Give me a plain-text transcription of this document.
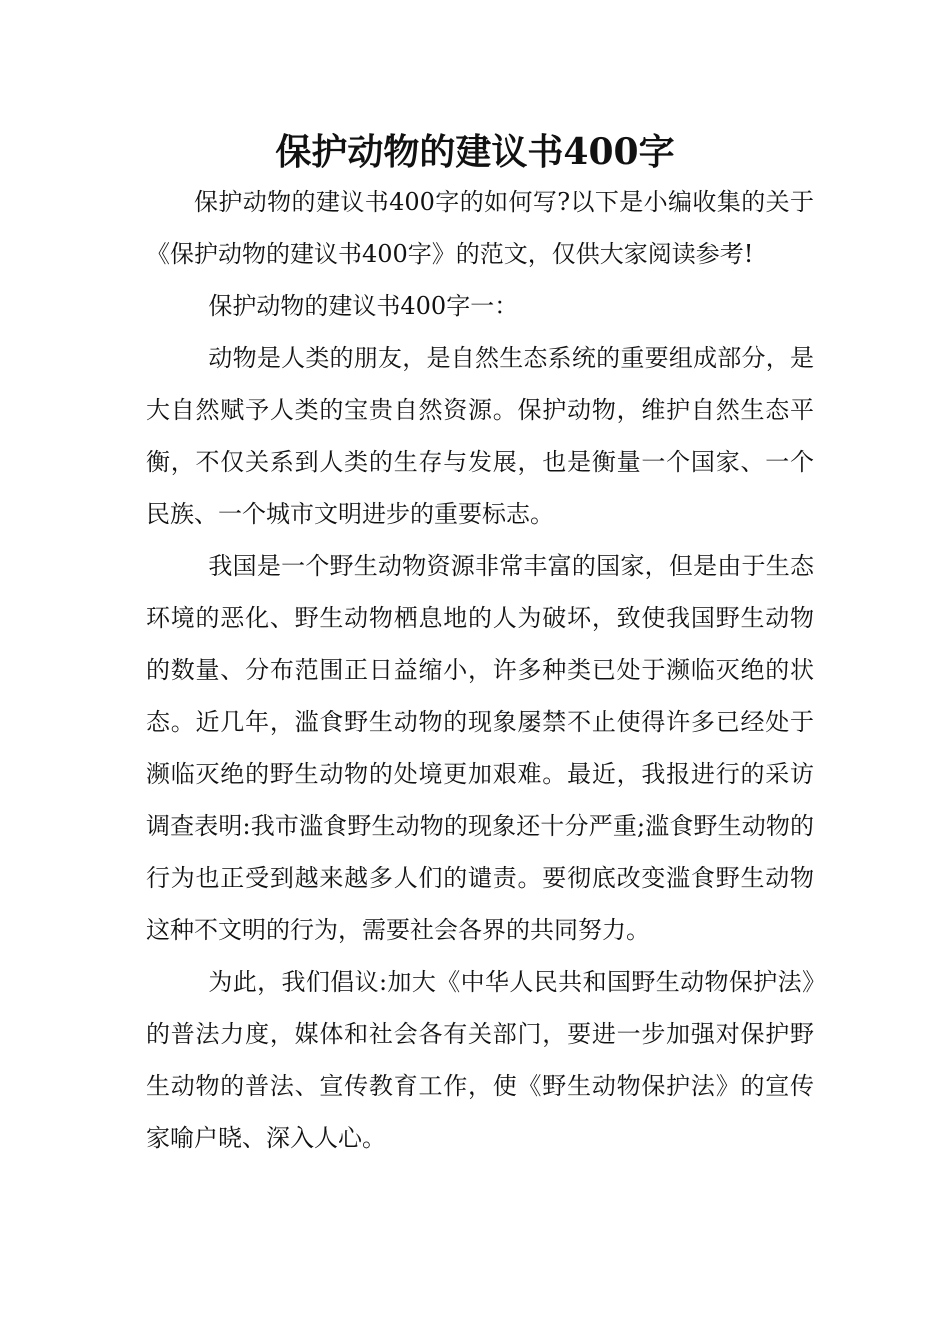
保护动物的建议书400字

保护动物的建议书400字的如何写?以下是小编收集的关于《保护动物的建议书400字》的范文，仅供大家阅读参考!

保护动物的建议书400字一：

动物是人类的朋友，是自然生态系统的重要组成部分，是大自然赋予人类的宝贵自然资源。保护动物，维护自然生态平衡，不仅关系到人类的生存与发展，也是衡量一个国家、一个民族、一个城市文明进步的重要标志。

我国是一个野生动物资源非常丰富的国家，但是由于生态环境的恶化、野生动物栖息地的人为破坏，致使我国野生动物的数量、分布范围正日益缩小，许多种类已处于濒临灭绝的状态。近几年，滥食野生动物的现象屡禁不止使得许多已经处于濒临灭绝的野生动物的处境更加艰难。最近，我报进行的采访调查表明:我市滥食野生动物的现象还十分严重;滥食野生动物的行为也正受到越来越多人们的谴责。要彻底改变滥食野生动物这种不文明的行为，需要社会各界的共同努力。

为此，我们倡议:加大《中华人民共和国野生动物保护法》的普法力度，媒体和社会各有关部门，要进一步加强对保护野生动物的普法、宣传教育工作，使《野生动物保护法》的宣传家喻户晓、深入人心。
